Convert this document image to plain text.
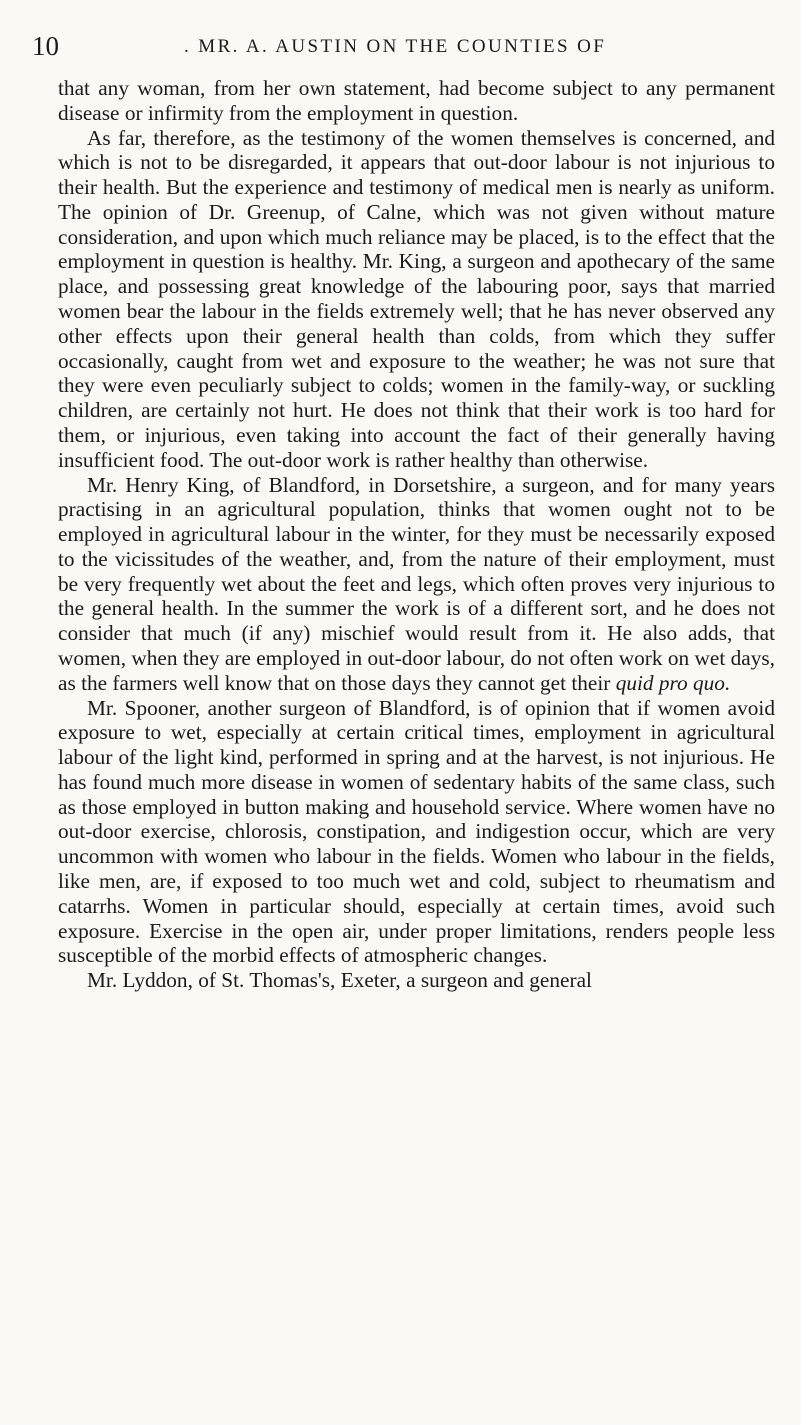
10	. MR. A. AUSTIN ON THE COUNTIES OF

that any woman, from her own statement, had become subject to any permanent disease or infirmity from the employment in question.

As far, therefore, as the testimony of the women themselves is concerned, and which is not to be disregarded, it appears that out-door labour is not injurious to their health. But the experience and testimony of medical men is nearly as uniform. The opinion of Dr. Greenup, of Calne, which was not given without mature consideration, and upon which much reliance may be placed, is to the effect that the employment in question is healthy. Mr. King, a surgeon and apothecary of the same place, and possessing great knowledge of the labouring poor, says that married women bear the labour in the fields extremely well; that he has never observed any other effects upon their general health than colds, from which they suffer occasionally, caught from wet and exposure to the weather; he was not sure that they were even peculiarly subject to colds; women in the family-way, or suckling children, are certainly not hurt. He does not think that their work is too hard for them, or injurious, even taking into account the fact of their generally having insufficient food. The out-door work is rather healthy than otherwise.

Mr. Henry King, of Blandford, in Dorsetshire, a surgeon, and for many years practising in an agricultural population, thinks that women ought not to be employed in agricultural labour in the winter, for they must be necessarily exposed to the vicissitudes of the weather, and, from the nature of their employment, must be very frequently wet about the feet and legs, which often proves very injurious to the general health. In the summer the work is of a different sort, and he does not consider that much (if any) mischief would result from it. He also adds, that women, when they are employed in out-door labour, do not often work on wet days, as the farmers well know that on those days they cannot get their quid pro quo.

Mr. Spooner, another surgeon of Blandford, is of opinion that if women avoid exposure to wet, especially at certain critical times, employment in agricultural labour of the light kind, performed in spring and at the harvest, is not injurious. He has found much more disease in women of sedentary habits of the same class, such as those employed in button making and household service. Where women have no out-door exercise, chlorosis, constipation, and indigestion occur, which are very uncommon with women who labour in the fields. Women who labour in the fields, like men, are, if exposed to too much wet and cold, subject to rheumatism and catarrhs. Women in particular should, especially at certain times, avoid such exposure. Exercise in the open air, under proper limitations, renders people less susceptible of the morbid effects of atmospheric changes.

Mr. Lyddon, of St. Thomas's, Exeter, a surgeon and general
